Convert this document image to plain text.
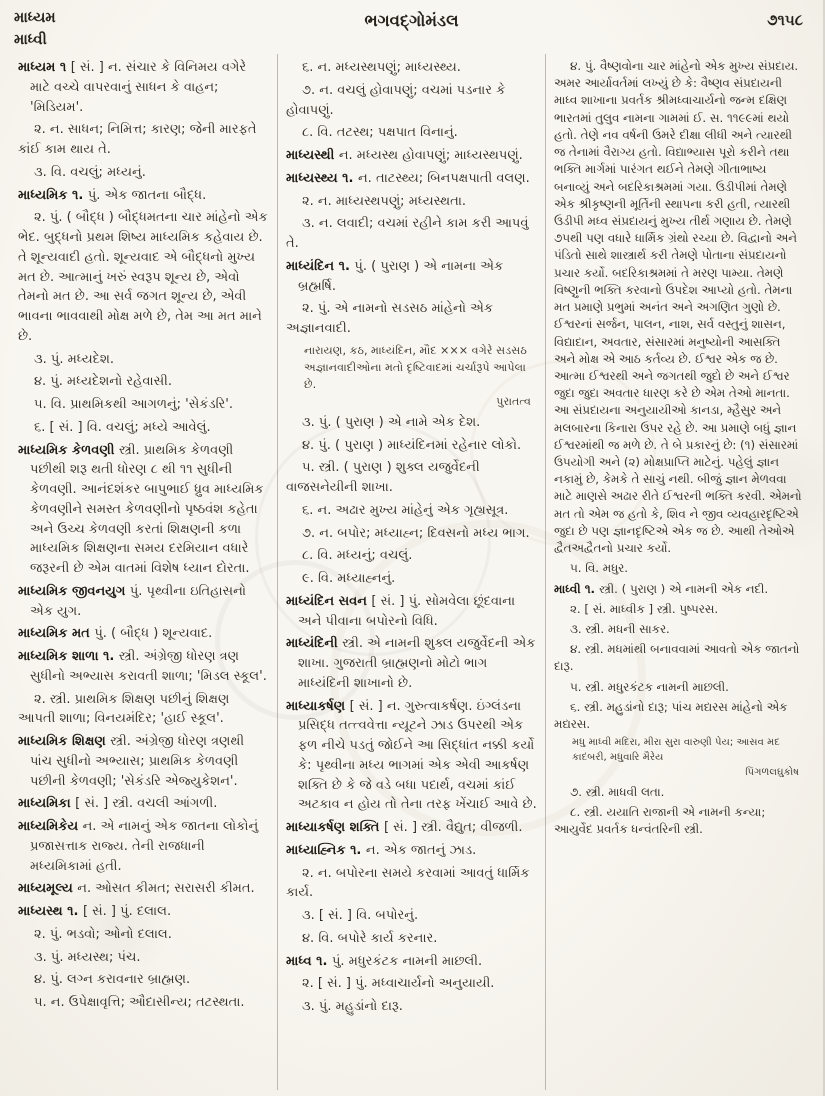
માધ્યમ
માધ્વી
ભગવદ્ગોમંડલ	૭૧૫૮

માધ્યમ ૧ [ સં. ] ન. સંચાર કે વિનિમય વગેરે માટે વચ્ચે વાપરવાનું સાધન કે વાહન; 'મિડિયમ'.

૨. ન. સાધન; નિમિત્ત; કારણ; જેની મારફતે કાંઈ કામ થાય તે.

૩. વિ. વચલું; મધ્યનું.

માધ્યમિક ૧. પું. એક જાતના બૌદ્ધ.

૨. પું. ( બૌદ્ધ ) બૌદ્ધમતના ચાર માંહેનો એક ભેદ. બુદ્ધનો પ્રથમ શિષ્ય માધ્યમિક કહેવાય છે. તે શૂન્યવાદી હતો. શૂન્યવાદ એ બૌદ્ધનો મુખ્ય મત છે. આત્માનું ખરું સ્વરૂપ શૂન્ય છે, એવો તેમનો મત છે. આ સર્વ જગત શૂન્ય છે, એવી ભાવના ભાવવાથી મોક્ષ મળે છે, તેમ આ મત માને છે.

૩. પું. મધ્યદેશ.

૪. પું. મધ્યદેશનો રહેવાસી.

૫. વિ. પ્રાથમિકથી આગળનું; 'સેકંડરિ'.

૬. [ સં. ] વિ. વચલું; મધ્યે આવેલું.

માધ્યમિક કેળવણી સ્ત્રી. પ્રાથમિક કેળવણી પછીથી શરૂ થતી ધોરણ ૮ થી ૧૧ સુધીની કેળવણી. આનંદશંકર બાપુભાઈ ધ્રુવ માધ્યમિક કેળવણીને સમસ્ત કેળવણીનો પૃષ્ઠવંશ કહેતા અને ઉચ્ચ કેળવણી કરતાં શિક્ષણની કળા માધ્યમિક શિક્ષણના સમય દરમિયાન વધારે જરૂરની છે એમ વાતમાં વિશેષ ધ્યાન દોરતા.

માધ્યમિક જીવનયુગ પું. પૃથ્વીના ઇતિહાસનો એક યુગ.

માધ્યમિક મત પું. ( બૌદ્ધ ) શૂન્યવાદ.

માધ્યમિક શાળા ૧. સ્ત્રી. અંગ્રેજી ધોરણ ત્રણ સુધીનો અભ્યાસ કરાવતી શાળા; 'મિડલ સ્કૂલ'.

૨. સ્ત્રી. પ્રાથમિક શિક્ષણ પછીનું શિક્ષણ આપતી શાળા; વિનયમંદિર; 'હાઈ સ્કૂલ'.

માધ્યમિક શિક્ષણ સ્ત્રી. અંગ્રેજી ધોરણ ત્રણથી પાંચ સુધીનો અભ્યાસ; પ્રાથમિક કેળવણી પછીની કેળવણી; 'સેકંડરિ એજ્યુકેશન'.

માધ્યમિકા [ સં. ] સ્ત્રી. વચલી આંગળી.

માધ્યમિકેય ન. એ નામનું એક જાતના લોકોનું પ્રજાસત્તાક રાજ્ય. તેની રાજધાની મધ્યમિકામાં હતી.

માધ્યમૂલ્ય ન. ઓસત કીમત; સરાસરી કીમત.

માધ્યસ્થ ૧. [ સં. ] પું. દલાલ.

૨. પું. ભડવો; ઓનો દલાલ.

૩. પું. મધ્યસ્થ; પંચ.

૪. પું. લગ્ન કરાવનાર બ્રાહ્મણ.

૫. ન. ઉપેક્ષાવૃત્તિ; ઔદાસીન્ય; તટસ્થતા.

૬. ન. મધ્યસ્થપણું; માધ્યસ્થ્ય.

૭. ન. વચલું હોવાપણું; વચમાં પડનાર કે હોવાપણું.

૮. વિ. તટસ્થ; પક્ષપાત વિનાનું.

માધ્યસ્થી ન. મધ્યસ્થ હોવાપણું; માધ્યસ્થપણું.

માધ્યસ્થ્ય ૧. ન. તાટસ્થ્ય; બિનપક્ષપાતી વલણ.

૨. ન. માધ્યસ્થપણું; મધ્યસ્થતા.

૩. ન. લવાદી; વચમાં રહીને કામ કરી આપવું તે.

માધ્યંદિન ૧. પું. ( પુરાણ ) એ નામના એક બ્રહ્મર્ષિ.

૨. પું. એ નામનો સડસઠ માંહેનો એક અજ્ઞાનવાદી.

નારાયણ, કઠ, માધ્યંદિન, મૌદ ××× વગેરે સડસઠ અજ્ઞાનવાદીઓના મતો દૃષ્ટિવાદમાં ચર્ચારૂપે આપેલા છે.
પુરાતત્વ

૩. પું. ( પુરાણ ) એ નામે એક દેશ.

૪. પું. ( પુરાણ ) માધ્યંદિનમાં રહેનાર લોકો.

૫. સ્ત્રી. ( પુરાણ ) શુક્લ યજુર્વેદની વાજસનેયીની શાખા.

૬. ન. અઢાર મુખ્ય માંહેનું એક ગૃહ્યસૂત્ર.

૭. ન. બપોર; મધ્યાહ્ન; દિવસનો મધ્ય ભાગ.

૮. વિ. મધ્યનું; વચલું.

૯. વિ. મધ્યાહ્નનું.

માધ્યંદિન સવન [ સં. ] પું. સોમવેલા છૂંદવાના અને પીવાના બપોરનો વિધિ.

માધ્યંદિની સ્ત્રી. એ નામની શુક્લ યજુર્વેદની એક શાખા. ગુજરાતી બ્રાહ્મણનો મોટો ભાગ માધ્યંદિની શાખાનો છે.

માધ્યાકર્ષણ [ સં. ] ન. ગુરુત્વાકર્ષણ. ઇંગ્લંડના પ્રસિદ્ધ તત્ત્વવેત્તા ન્યૂટને ઝાડ ઉપરથી એક ફળ નીચે પડતું જોઈને આ સિદ્ધાંત નક્કી કર્યો કે: પૃથ્વીના મધ્ય ભાગમાં એક એવી આકર્ષણ શક્તિ છે કે જે વડે બધા પદાર્થ, વચમાં કાંઈ અટકાવ ન હોય તો તેના તરફ ખેંચાઈ આવે છે.

માધ્યાકર્ષણ શક્તિ [ સં. ] સ્ત્રી. વૈદ્યુત; વીજળી.

માધ્યાહ્નિક ૧. ન. એક જાતનું ઝાડ.

૨. ન. બપોરના સમયે કરવામાં આવતું ધાર્મિક કાર્ય.

૩. [ સં. ] વિ. બપોરનું.

૪. વિ. બપોરે કાર્ય કરનાર.

માધ્વ ૧. પું. મધુરકંટક નામની માછલી.

૨. [ સં. ] પું. મધ્વાચાર્યનો અનુયાયી.

૩. પું. મહુડાંનો દારૂ.

૪. પું. વૈષ્ણવોના ચાર માંહેનો એક મુખ્ય સંપ્રદાય. અમર આર્યાવર્તમાં લખ્યું છે કે: વૈષ્ણવ સંપ્રદાયની માધ્વ શાખાના પ્રવર્તક શ્રીમધ્વાચાર્યનો જન્મ દક્ષિણ ભારતમાં તુલુવ નામના ગામમાં ઈ. સ. ૧૧૯૯માં થયો હતો. તેણે નવ વર્ષની ઉમરે દીક્ષા લીધી અને ત્યારથી જ તેનામાં વૈરાગ્ય હતો. વિદ્યાભ્યાસ પૂરો કરીને તથા ભક્તિ માર્ગમાં પારંગત થઈને તેમણે ગીતાભાષ્ય બનાવ્યું અને બદરિકાશ્રમમાં ગયા. ઉડીપીમાં તેમણે એક શ્રીકૃષ્ણની મૂર્તિની સ્થાપના કરી હતી, ત્યારથી ઉડીપી મધ્વ સંપ્રદાયનું મુખ્ય તીર્થ ગણાય છે. તેમણે ૭૫થી પણ વધારે ધાર્મિક ગ્રંથો રચ્યા છે. વિદ્વાનો અને પંડિતો સાથે શાસ્ત્રાર્થ કરી તેમણે પોતાના સંપ્રદાયનો પ્રચાર કર્યો. બદરિકાશ્રમમાં તે મરણ પામ્યા. તેમણે વિષ્ણુની ભક્તિ કરવાનો ઉપદેશ આપ્યો હતો. તેમના મત પ્રમાણે પ્રભુમાં અનંત અને અગણિત ગુણો છે. ઈશ્વરનાં સર્જન, પાલન, નાશ, સર્વ વસ્તુનું શાસન, વિદ્યાદાન, અવતાર, સંસારમાં મનુષ્યોની આસક્તિ અને મોક્ષ એ આઠ કર્તવ્ય છે. ઈશ્વર એક જ છે. આત્મા ઈશ્વરથી અને જગતથી જુદો છે અને ઈશ્વર જુદા જુદા અવતાર ધારણ કરે છે એમ તેઓ માનતા. આ સંપ્રદાયના અનુયાયીઓ કાનડા, મ્હૈસુર અને મલબારના કિનારા ઉપર રહે છે. આ પ્રમાણે બધું જ્ઞાન ઈશ્વરમાંથી જ મળે છે. તે બે પ્રકારનું છે: (૧) સંસારમાં ઉપયોગી અને (૨) મોક્ષપ્રાપ્તિ માટેનું. પહેલું જ્ઞાન નકામું છે, કેમકે તે સાચું નથી. બીજું જ્ઞાન મેળવવા માટે માણસે અઢાર રીતે ઈશ્વરની ભક્તિ કરવી. એમનો મત તો એમ જ હતો કે, શિવ ને જીવ વ્યવહારદૃષ્ટિએ જુદા છે પણ જ્ઞાનદૃષ્ટિએ એક જ છે. આથી તેઓએ દ્વૈતઅદ્વૈતનો પ્રચાર કર્યો.

૫. વિ. મધુર.

માધ્વી ૧. સ્ત્રી. ( પુરાણ ) એ નામની એક નદી.

૨. [ સં. માધ્વીક ] સ્ત્રી. પુષ્પરસ.

૩. સ્ત્રી. મધની સાકર.

૪. સ્ત્રી. મધમાંથી બનાવવામાં આવતો એક જાતનો દારૂ.

૫. સ્ત્રી. મધુરકંટક નામની માછલી.

૬. સ્ત્રી. મહુડાંનો દારૂ; પાંચ મદ્યરસ માંહેનો એક મદ્યરસ.

મધુ માધ્વી મદિરા, મીરા સુરા વારુણી પેય; આસવ મદ કાદંબરી, મધુવારિ મૈરેય
પિંગળલઘુકોષ

૭. સ્ત્રી. માધવી લતા.

૮. સ્ત્રી. યયાતિ રાજાની એ નામની કન્યા; આયુર્વેદ પ્રવર્તક ધન્વંતરિની સ્ત્રી.
